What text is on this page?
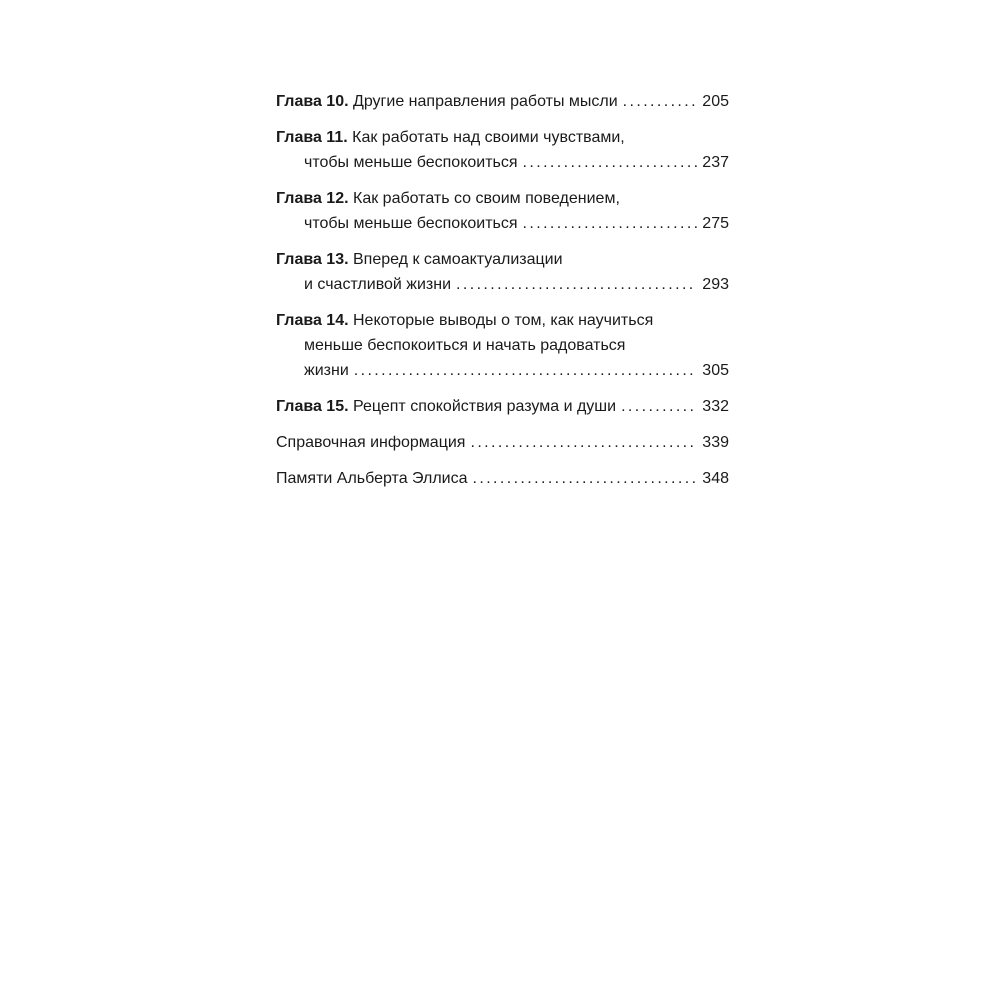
Глава 10. Другие направления работы мысли .....	205
Глава 11. Как работать над своими чувствами,
чтобы меньше беспокоиться .....	237
Глава 12. Как работать со своим поведением,
чтобы меньше беспокоиться .....	275
Глава 13. Вперед к самоактуализации
и счастливой жизни .....	293
Глава 14. Некоторые выводы о том, как научиться
меньше беспокоиться и начать радоваться
жизни .....	305
Глава 15. Рецепт спокойствия разума и души .....	332
Справочная информация .....	339
Памяти Альберта Эллиса .....	348
